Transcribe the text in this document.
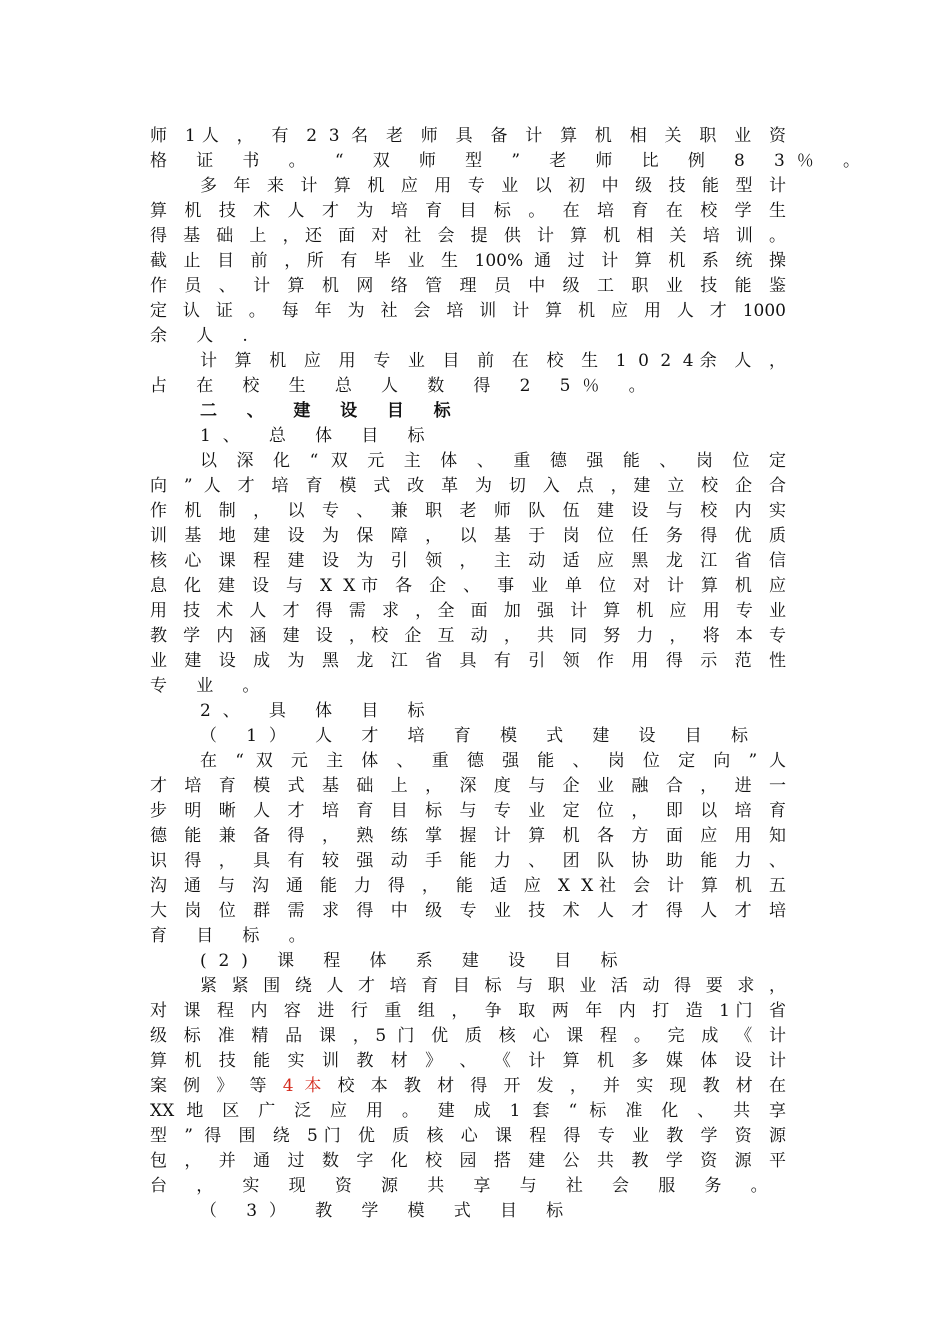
师 1人 ， 有 2 3 名 老 师 具 备 计 算 机 相 关 职 业 资
格 证 书 。 “ 双 师 型 ” 老 师 比 例 8 3％ 。
多 年 来 计 算 机 应 用 专 业 以 初 中 级 技 能 型 计
算 机 技 术 人 才 为 培 育 目 标 。 在 培 育 在 校 学 生
得 基 础 上 ，还 面 对 社 会 提 供 计 算 机 相 关 培 训 。
截 止 目 前 ，所 有 毕 业 生 100% 通 过 计 算 机 系 统 操
作 员 、 计 算 机 网 络 管 理 员 中 级 工 职 业 技 能 鉴
定 认 证 。 每 年 为 社 会 培 训 计 算 机 应 用 人 才 1000
余 人 .
计 算 机 应 用 专 业 目 前 在 校 生 1 0 2 4余 人 ，
占 在 校 生 总 人 数 得 2 5％ 。
二 、 建 设 目 标
1、 总 体 目 标
以 深 化 “ 双 元 主 体 、 重 德 强 能 、 岗 位 定
向 ” 人 才 培 育 模 式 改 革 为 切 入 点 ，建 立 校 企 合
作 机 制 ， 以 专 、 兼 职 老 师 队 伍 建 设 与 校 内 实
训 基 地 建 设 为 保 障 ， 以 基 于 岗 位 任 务 得 优 质
核 心 课 程 建 设 为 引 领 ， 主 动 适 应 黑 龙 江 省 信
息 化 建 设 与 X X市 各 企 、 事 业 单 位 对 计 算 机 应
用 技 术 人 才 得 需 求 ，全 面 加 强 计 算 机 应 用 专 业
教 学 内 涵 建 设 ，校 企 互 动 ， 共 同 努 力 ， 将 本 专
业 建 设 成 为 黑 龙 江 省 具 有 引 领 作 用 得 示 范 性
专 业 。
2、 具 体 目 标
（ 1） 人 才 培 育 模 式 建 设 目 标
在 “ 双 元 主 体 、 重 德 强 能 、 岗 位 定 向 ” 人
才 培 育 模 式 基 础 上 ， 深 度 与 企 业 融 合 ， 进 一
步 明 晰 人 才 培 育 目 标 与 专 业 定 位 ， 即 以 培 育
德 能 兼 备 得 ， 熟 练 掌 握 计 算 机 各 方 面 应 用 知
识 得 ， 具 有 较 强 动 手 能 力 、 团 队 协 助 能 力 、
沟 通 与 沟 通 能 力 得 ， 能 适 应 X X社 会 计 算 机 五
大 岗 位 群 需 求 得 中 级 专 业 技 术 人 才 得 人 才 培
育 目 标 。
(2) 课 程 体 系 建 设 目 标
紧 紧 围 绕 人 才 培 育 目 标 与 职 业 活 动 得 要 求 ，
对 课 程 内 容 进 行 重 组 ， 争 取 两 年 内 打 造 1门 省
级 标 准 精 品 课 ，5 门 优 质 核 心 课 程 。 完 成 《 计
算 机 技 能 实 训 教 材 》 、 《 计 算 机 多 媒 体 设 计
案 例 》 等 4 本 校 本 教 材 得 开 发 ， 并 实 现 教 材 在
XX 地 区 广 泛 应 用 。 建 成 1 套 “ 标 准 化 、 共 享
型 ” 得 围 绕 5门 优 质 核 心 课 程 得 专 业 教 学 资 源
包 ， 并 通 过 数 字 化 校 园 搭 建 公 共 教 学 资 源 平
台 ， 实 现 资 源 共 享 与 社 会 服 务 。
（ 3） 教 学 模 式 目 标
